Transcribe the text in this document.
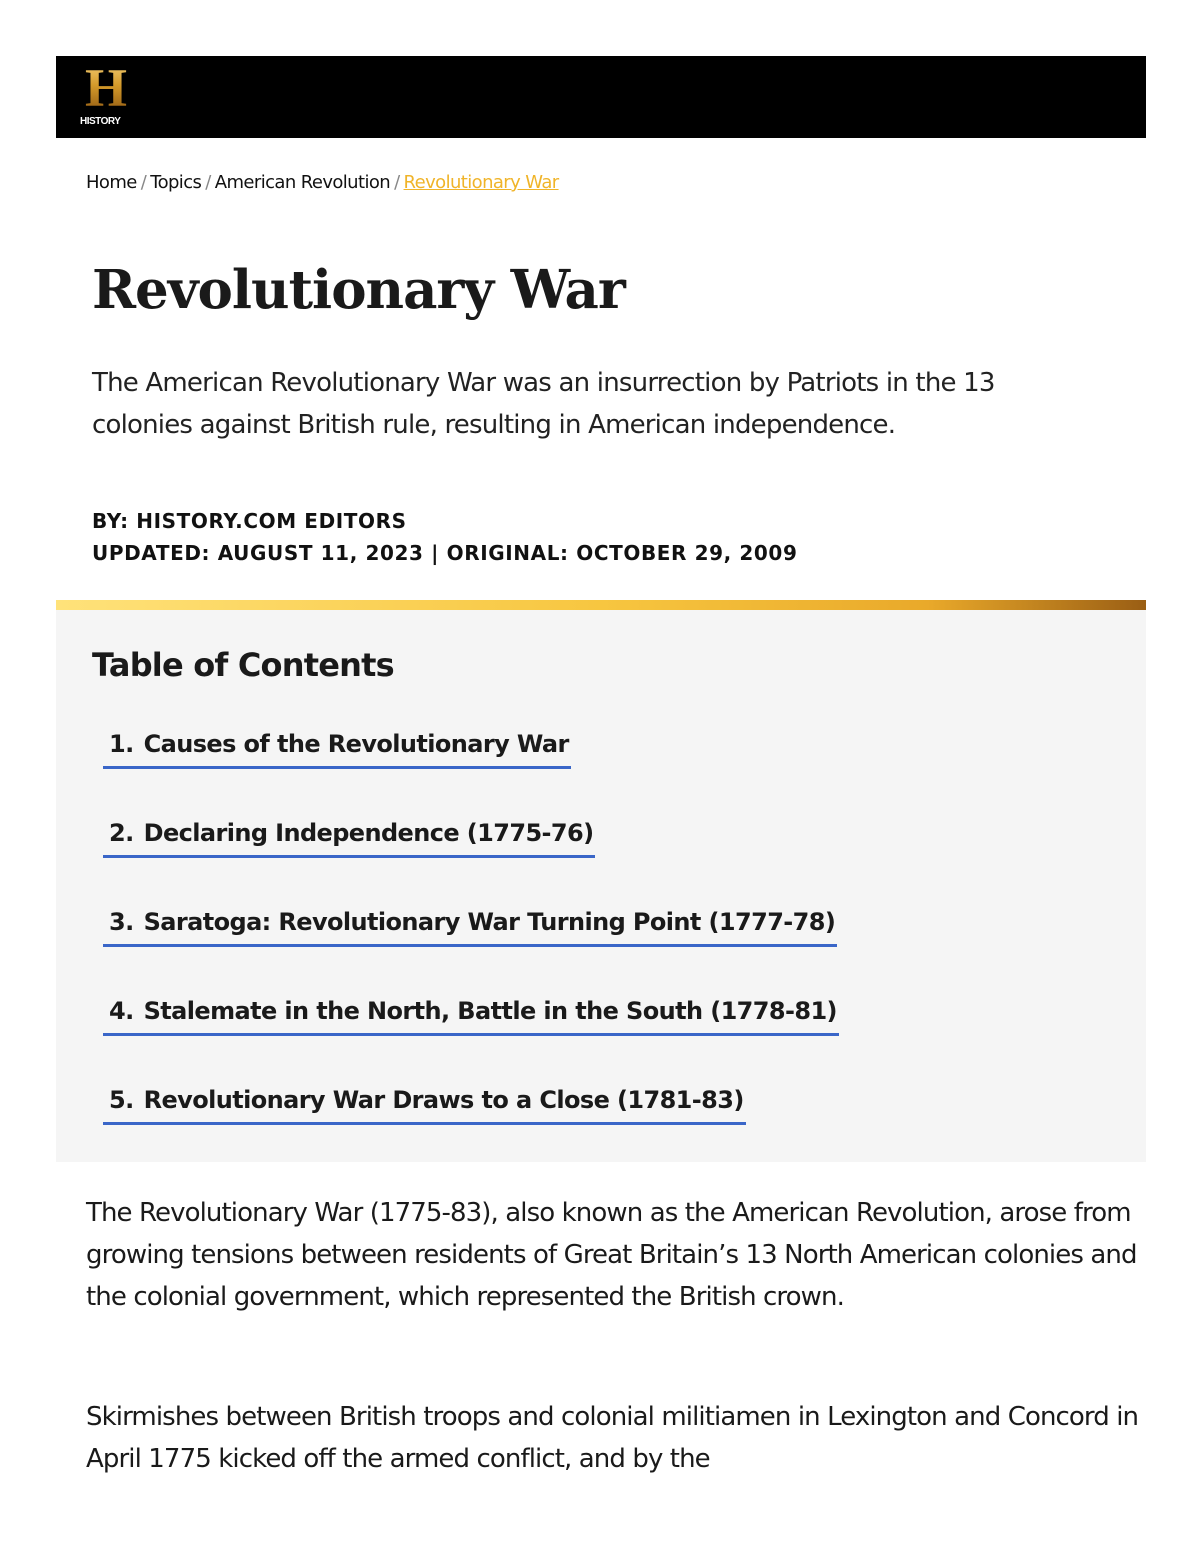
H
HISTORY
Home / Topics / American Revolution / Revolutionary War
Revolutionary War

The American Revolutionary War was an insurrection by Patriots in the 13 colonies against British rule, resulting in American independence.

BY: HISTORY.COM EDITORS
UPDATED: AUGUST 11, 2023 | ORIGINAL: OCTOBER 29, 2009
Table of Contents
1. Causes of the Revolutionary War
2. Declaring Independence (1775-76)
3. Saratoga: Revolutionary War Turning Point (1777-78)
4. Stalemate in the North, Battle in the South (1778-81)
5. Revolutionary War Draws to a Close (1781-83)

The Revolutionary War (1775-83), also known as the American Revolution, arose from growing tensions between residents of Great Britain’s 13 North American colonies and the colonial government, which represented the British crown.

Skirmishes between British troops and colonial militiamen in Lexington and Concord in April 1775 kicked off the armed conflict, and by the
